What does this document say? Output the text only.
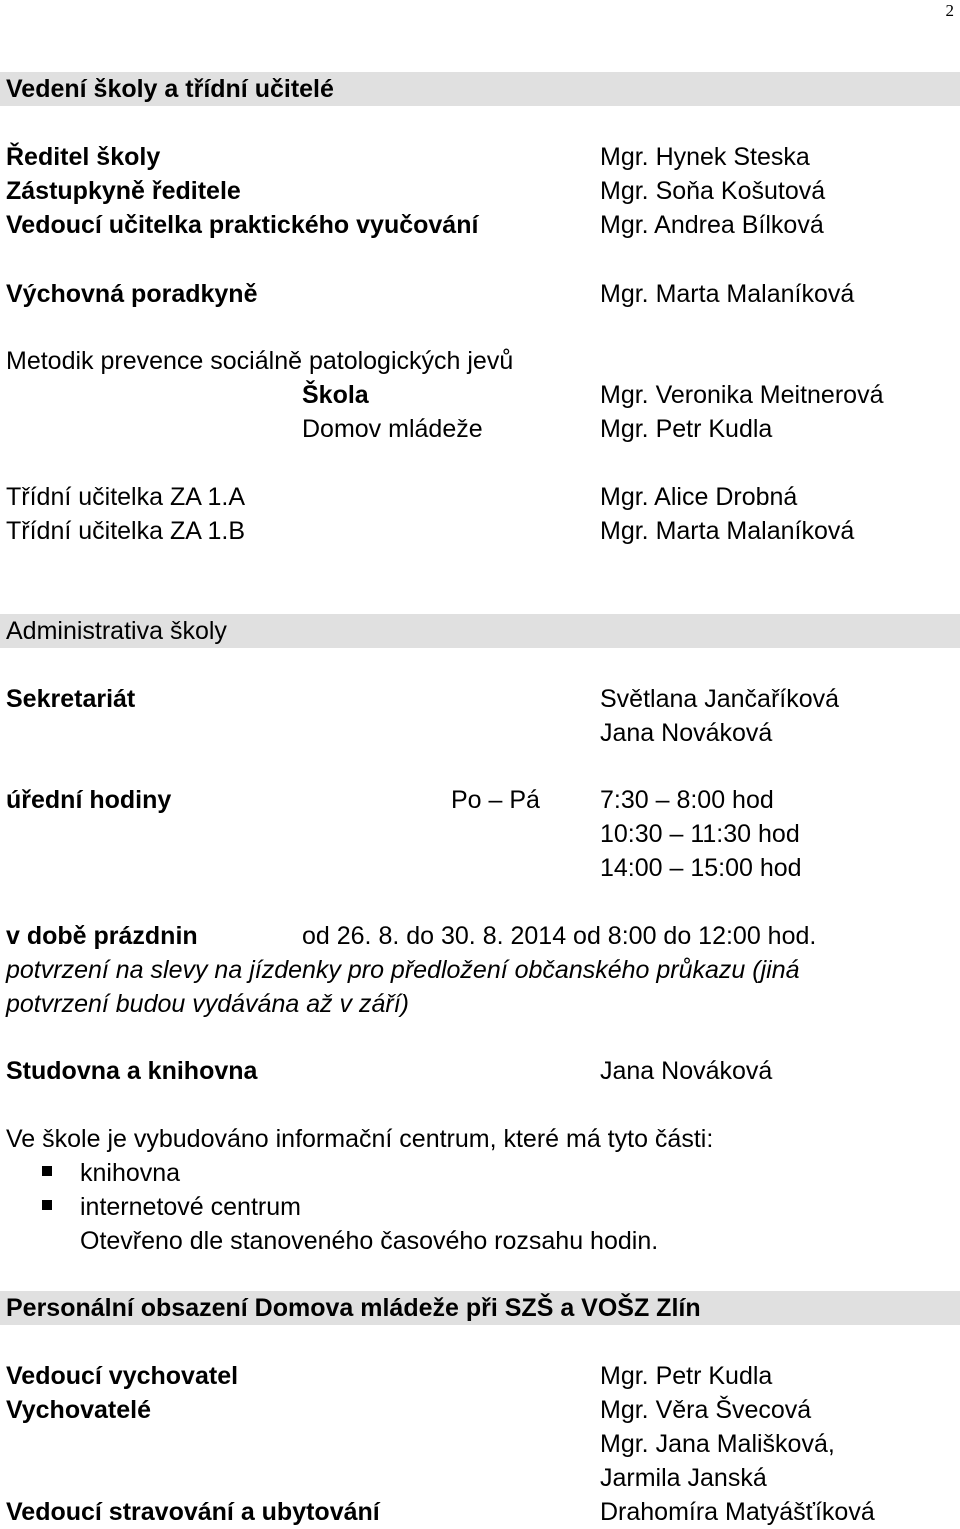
2
Vedení školy a třídní učitelé
Ředitel školy	Mgr. Hynek Steska
Zástupkyně ředitele	Mgr. Soňa Košutová
Vedoucí učitelka praktického vyučování	Mgr. Andrea Bílková
Výchovná poradkyně	Mgr. Marta Malaníková
Metodik prevence sociálně patologických jevů
Škola	Mgr. Veronika Meitnerová
Domov mládeže	Mgr. Petr Kudla
Třídní učitelka ZA 1.A	Mgr. Alice Drobná
Třídní učitelka ZA 1.B	Mgr. Marta Malaníková
Administrativa školy
Sekretariát	Světlana Jančaříková
Jana Nováková
úřední hodiny	Po – Pá 7:30 – 8:00 hod
10:30 – 11:30 hod
14:00 – 15:00 hod
v době prázdnin	od 26. 8. do 30. 8. 2014 od 8:00 do 12:00 hod.
potvrzení na slevy na jízdenky pro předložení občanského průkazu (jiná
potvrzení budou vydávána až v září)
Studovna a knihovna	Jana Nováková
Ve škole je vybudováno informační centrum, které má tyto části:
knihovna
internetové centrum
Otevřeno dle stanoveného časového rozsahu hodin.
Personální obsazení Domova mládeže při SZŠ a VOŠZ Zlín
Vedoucí vychovatel	Mgr. Petr Kudla
Vychovatelé	Mgr. Věra Švecová
Mgr. Jana Mališková,
Jarmila Janská
Vedoucí stravování a ubytování	Drahomíra Matyášťíková
